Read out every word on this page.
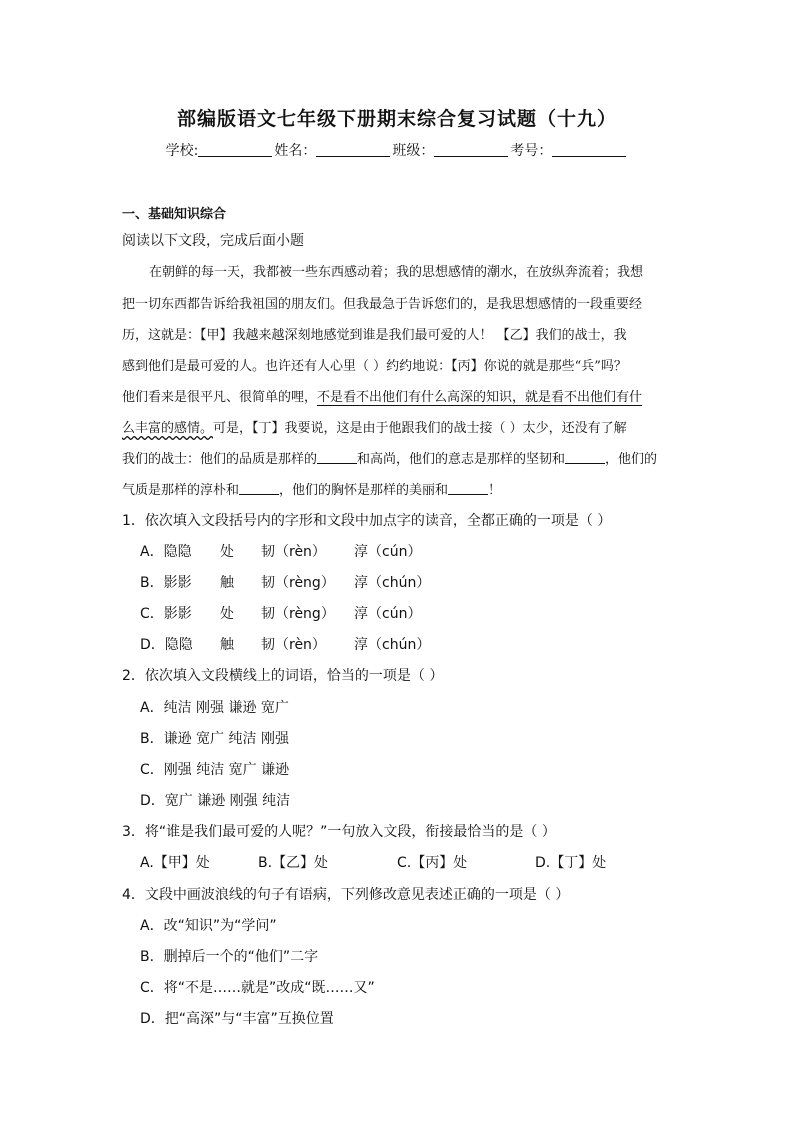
部编版语文七年级下册期末综合复习试题（十九）
学校:	姓名：	班级：	考号：
一、基础知识综合
阅读以下文段，完成后面小题
在朝鲜的每一天，我都被一些东西感动着；我的思想感情的潮水，在放纵奔流着；我想
把一切东西都告诉给我祖国的朋友们。但我最急于告诉您们的，是我思想感情的一段重要经
历，这就是：【甲】我越来越深刻地感觉到谁是我们最可爱的人！ 【乙】我们的战士，我
感到他们是最可爱的人。也许还有人心里（ ）约约地说：【丙】你说的就是那些“兵”吗？
他们看来是很平凡、很简单的哩，不是看不出他们有什么高深的知识，就是看不出他们有什
么丰富的感情。可是，【丁】我要说，这是由于他跟我们的战士接（ ）太少，还没有了解
我们的战士：他们的品质是那样的	和高尚，他们的意志是那样的坚韧和	，他们的
气质是那样的淳朴和	，他们的胸怀是那样的美丽和	！
1．依次填入文段括号内的字形和文段中加点字的读音，全都正确的一项是（ ）
A．隐隐 处 韧（rèn） 淳（cún）
B．影影 触 韧（rèng） 淳（chún）
C．影影 处 韧（rèng） 淳（cún）
D．隐隐 触 韧（rèn） 淳（chún）
2．依次填入文段横线上的词语，恰当的一项是（ ）
A．纯洁 刚强 谦逊 宽广
B．谦逊 宽广 纯洁 刚强
C．刚强 纯洁 宽广 谦逊
D．宽广 谦逊 刚强 纯洁
3．将“谁是我们最可爱的人呢？”一句放入文段，衔接最恰当的是（ ）
A.【甲】处	B.【乙】处	C.【丙】处	D.【丁】处
4．文段中画波浪线的句子有语病，下列修改意见表述正确的一项是（ ）
A．改“知识”为“学问”
B．删掉后一个的“他们”二字
C．将“不是……就是”改成“既……又”
D．把“高深”与“丰富”互换位置
